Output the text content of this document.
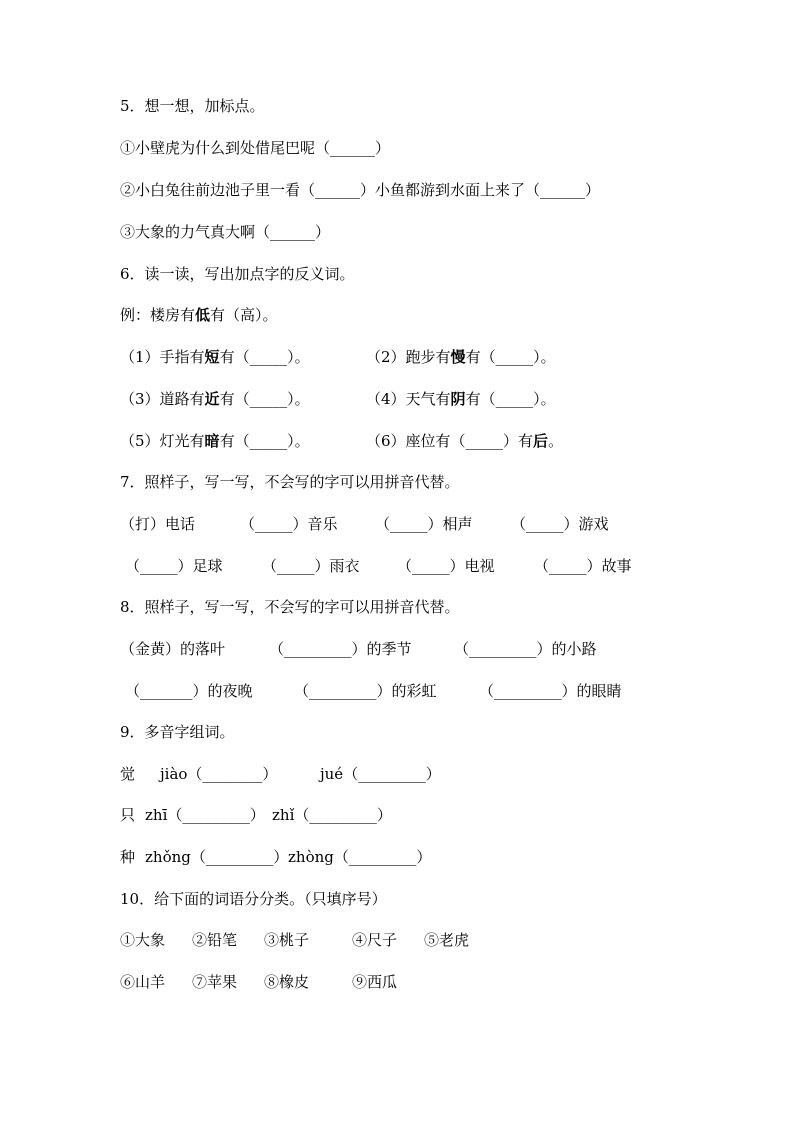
5．想一想，加标点。
①小壁虎为什么到处借尾巴呢（______）
②小白兔往前边池子里一看（______）小鱼都游到水面上来了（______）
③大象的力气真大啊（______）
6．读一读，写出加点字的反义词。
例：楼房有低有（高）。
（1）手指有短有（_____）。	（2）跑步有慢有（_____）。
（3）道路有近有（_____）。	（4）天气有阴有（_____）。
（5）灯光有暗有（_____）。	（6）座位有（_____）有后。
7．照样子，写一写，不会写的字可以用拼音代替。
（打）电话	（_____）音乐 （_____）相声	（_____）游戏
（_____）足球	（_____）雨衣 （_____）电视	（_____）故事
8．照样子，写一写，不会写的字可以用拼音代替。
（金黄）的落叶	（_________）的季节	（_________）的小路
（_______）的夜晚	（_________）的彩虹	（_________）的眼睛
9．多音字组词。
觉 jiào（________）	jué（_________）
只 zhī（_________） zhǐ（_________）
种 zhǒng（_________） zhòng（_________）
10．给下面的词语分分类。（只填序号）
①大象 ②铅笔 ③桃子	④尺子 ⑤老虎
⑥山羊 ⑦苹果 ⑧橡皮	⑨西瓜
